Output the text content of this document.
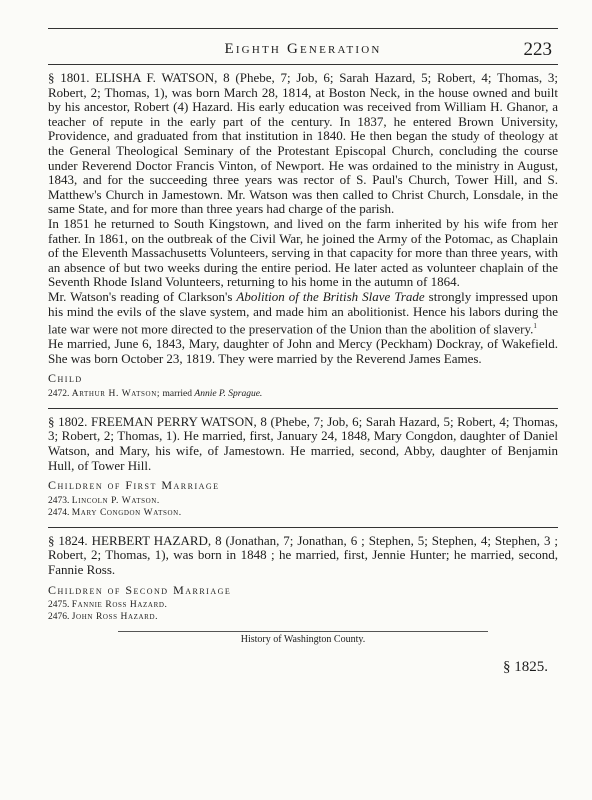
Eighth Generation	223

§ 1801. ELISHA F. WATSON, 8 (Phebe, 7; Job, 6; Sarah Hazard, 5; Robert, 4; Thomas, 3; Robert, 2; Thomas, 1), was born March 28, 1814, at Boston Neck, in the house owned and built by his ancestor, Robert (4) Hazard. His early education was received from William H. Ghanor, a teacher of repute in the early part of the century. In 1837, he entered Brown University, Providence, and graduated from that institution in 1840. He then began the study of theology at the General Theological Seminary of the Protestant Episcopal Church, concluding the course under Reverend Doctor Francis Vinton, of Newport. He was ordained to the ministry in August, 1843, and for the succeeding three years was rector of S. Paul's Church, Tower Hill, and S. Matthew's Church in Jamestown. Mr. Watson was then called to Christ Church, Lonsdale, in the same State, and for more than three years had charge of the parish.

In 1851 he returned to South Kingstown, and lived on the farm inherited by his wife from her father. In 1861, on the outbreak of the Civil War, he joined the Army of the Potomac, as Chaplain of the Eleventh Massachusetts Volunteers, serving in that capacity for more than three years, with an absence of but two weeks during the entire period. He later acted as volunteer chaplain of the Seventh Rhode Island Volunteers, returning to his home in the autumn of 1864.

Mr. Watson's reading of Clarkson's Abolition of the British Slave Trade strongly impressed upon his mind the evils of the slave system, and made him an abolitionist. Hence his labors during the late war were not more directed to the preservation of the Union than the abolition of slavery.$^1$

He married, June 6, 1843, Mary, daughter of John and Mercy (Peckham) Dockray, of Wakefield. She was born October 23, 1819. They were married by the Reverend James Eames.

Child

2472. Arthur H. Watson; married Annie P. Sprague.

§ 1802. FREEMAN PERRY WATSON, 8 (Phebe, 7; Job, 6; Sarah Hazard, 5; Robert, 4; Thomas, 3; Robert, 2; Thomas, 1). He married, first, January 24, 1848, Mary Congdon, daughter of Daniel Watson, and Mary, his wife, of Jamestown. He married, second, Abby, daughter of Benjamin Hull, of Tower Hill.

Children of First Marriage

2473. Lincoln P. Watson.

2474. Mary Congdon Watson.

§ 1824. HERBERT HAZARD, 8 (Jonathan, 7; Jonathan, 6 ; Stephen, 5; Stephen, 4; Stephen, 3 ; Robert, 2; Thomas, 1), was born in 1848 ; he married, first, Jennie Hunter; he married, second, Fannie Ross.

Children of Second Marriage

2475. Fannie Ross Hazard.

2476. John Ross Hazard.

History of Washington County.
§ 1825.
